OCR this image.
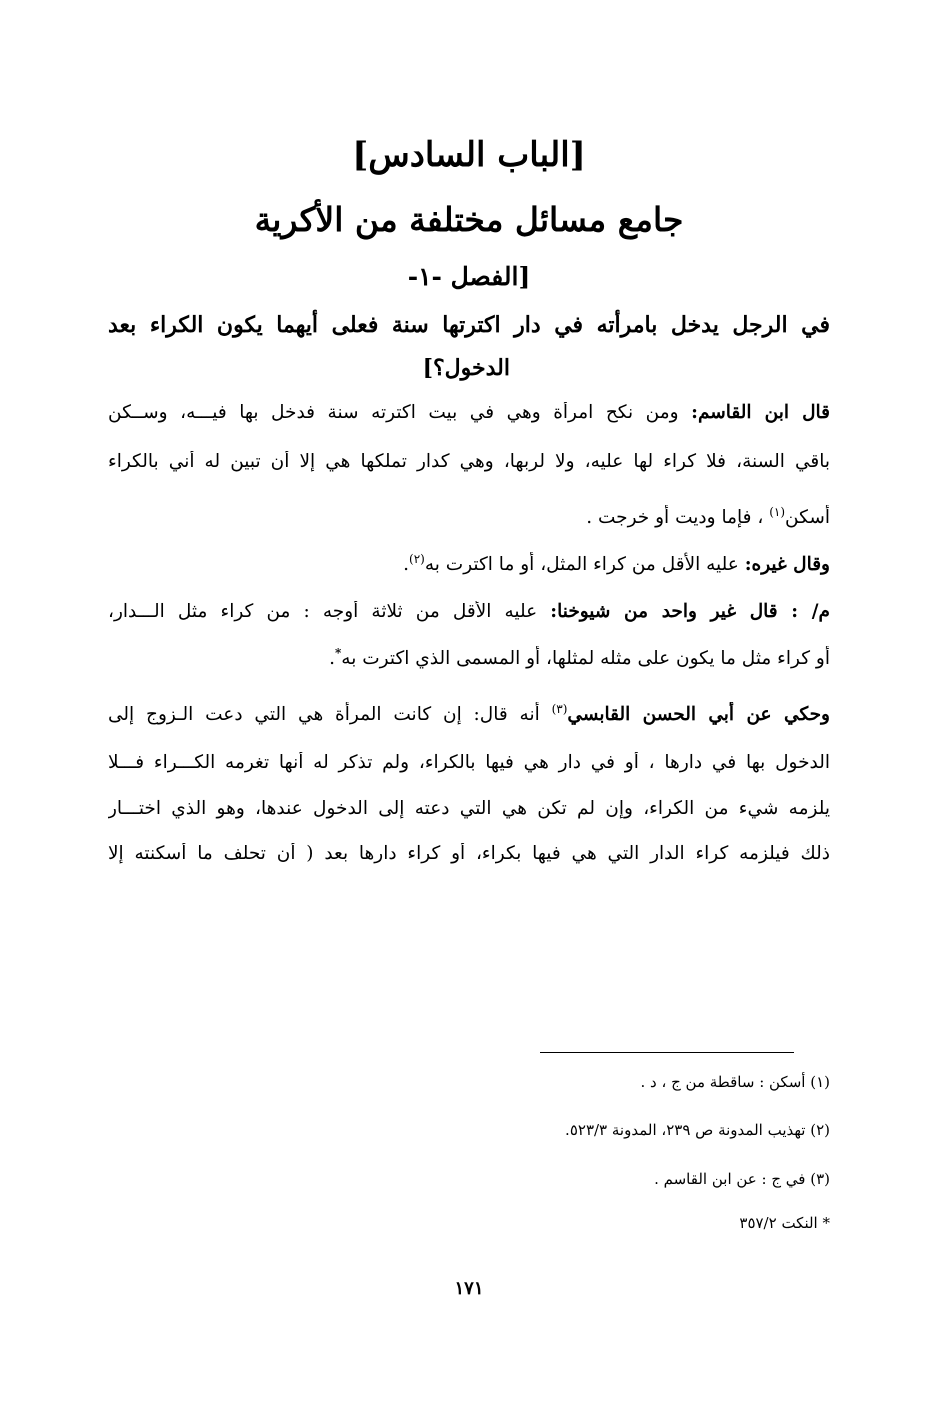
[الباب السادس]
جامع مسائل مختلفة من الأكرية
[الفصل -١-
في الرجل يدخل بامرأته في دار اكترتها سنة فعلى أيهما يكون الكراء بعد
الدخول؟]
قال ابن القاسم: ومن نكح امرأة وهي في بيت اكترته سنة فدخل بها فيـــه، وســكن
باقي السنة، فلا كراء لها عليه، ولا لربها، وهي كدار تملكها هي إلا أن تبين له أني بالكراء
أسكن$^{(١)}$ ، فإما وديت أو خرجت .
وقال غيره: عليه الأقل من كراء المثل، أو ما اكترت به$^{(٢)}$.
م/ : قال غير واحد من شيوخنا: عليه الأقل من ثلاثة أوجه : من كراء مثل الـــدار،
أو كراء مثل ما يكون على مثله لمثلها، أو المسمى الذي اكترت به*.
وحكي عن أبي الحسن القابسي$^{(٣)}$ أنه قال: إن كانت المرأة هي التي دعت الـزوج إلى
الدخول بها في دارها ، أو في دار هي فيها بالكراء، ولم تذكر له أنها تغرمه الكـــراء فـــلا
يلزمه شيء من الكراء، وإن لم تكن هي التي دعته إلى الدخول عندها، وهو الذي اختـــار
ذلك فيلزمه كراء الدار التي هي فيها بكراء، أو كراء دارها بعد ( أن تحلف ما أسكنته إلا
(١) أسكن : ساقطة من ج ، د .
(٢) تهذيب المدونة ص ٢٣٩، المدونة ٥٢٣/٣.
(٣) في ج : عن ابن القاسم .
* النكت ٣٥٧/٢
١٧١
